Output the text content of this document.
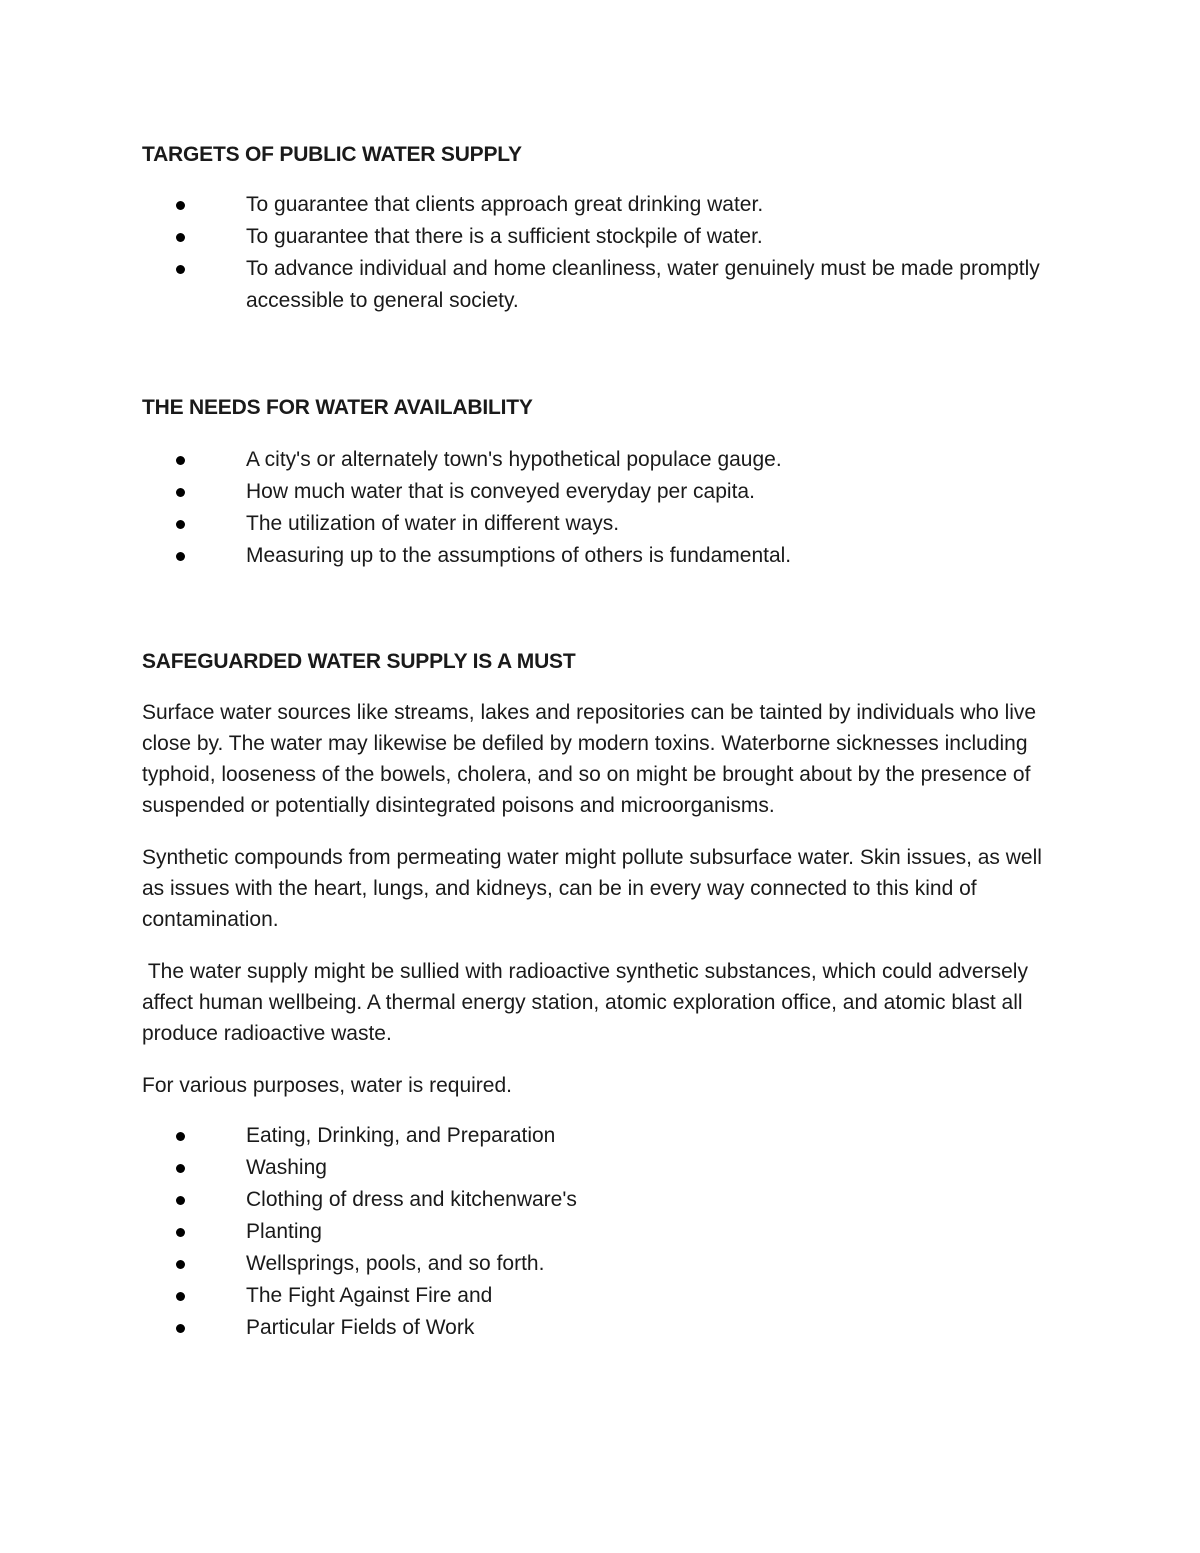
TARGETS OF PUBLIC WATER SUPPLY
To guarantee that clients approach great drinking water.
To guarantee that there is a sufficient stockpile of water.
To advance individual and home cleanliness, water genuinely must be made promptly accessible to general society.
THE NEEDS FOR WATER AVAILABILITY
A city's or alternately town's hypothetical populace gauge.
How much water that is conveyed everyday per capita.
The utilization of water in different ways.
Measuring up to the assumptions of others is fundamental.
SAFEGUARDED WATER SUPPLY IS A MUST

Surface water sources like streams, lakes and repositories can be tainted by individuals who live close by. The water may likewise be defiled by modern toxins. Waterborne sicknesses including typhoid, looseness of the bowels, cholera, and so on might be brought about by the presence of suspended or potentially disintegrated poisons and microorganisms.

Synthetic compounds from permeating water might pollute subsurface water. Skin issues, as well as issues with the heart, lungs, and kidneys, can be in every way connected to this kind of contamination.

The water supply might be sullied with radioactive synthetic substances, which could adversely affect human wellbeing. A thermal energy station, atomic exploration office, and atomic blast all produce radioactive waste.

For various purposes, water is required.

Eating, Drinking, and Preparation
Washing
Clothing of dress and kitchenware's
Planting
Wellsprings, pools, and so forth.
The Fight Against Fire and
Particular Fields of Work
